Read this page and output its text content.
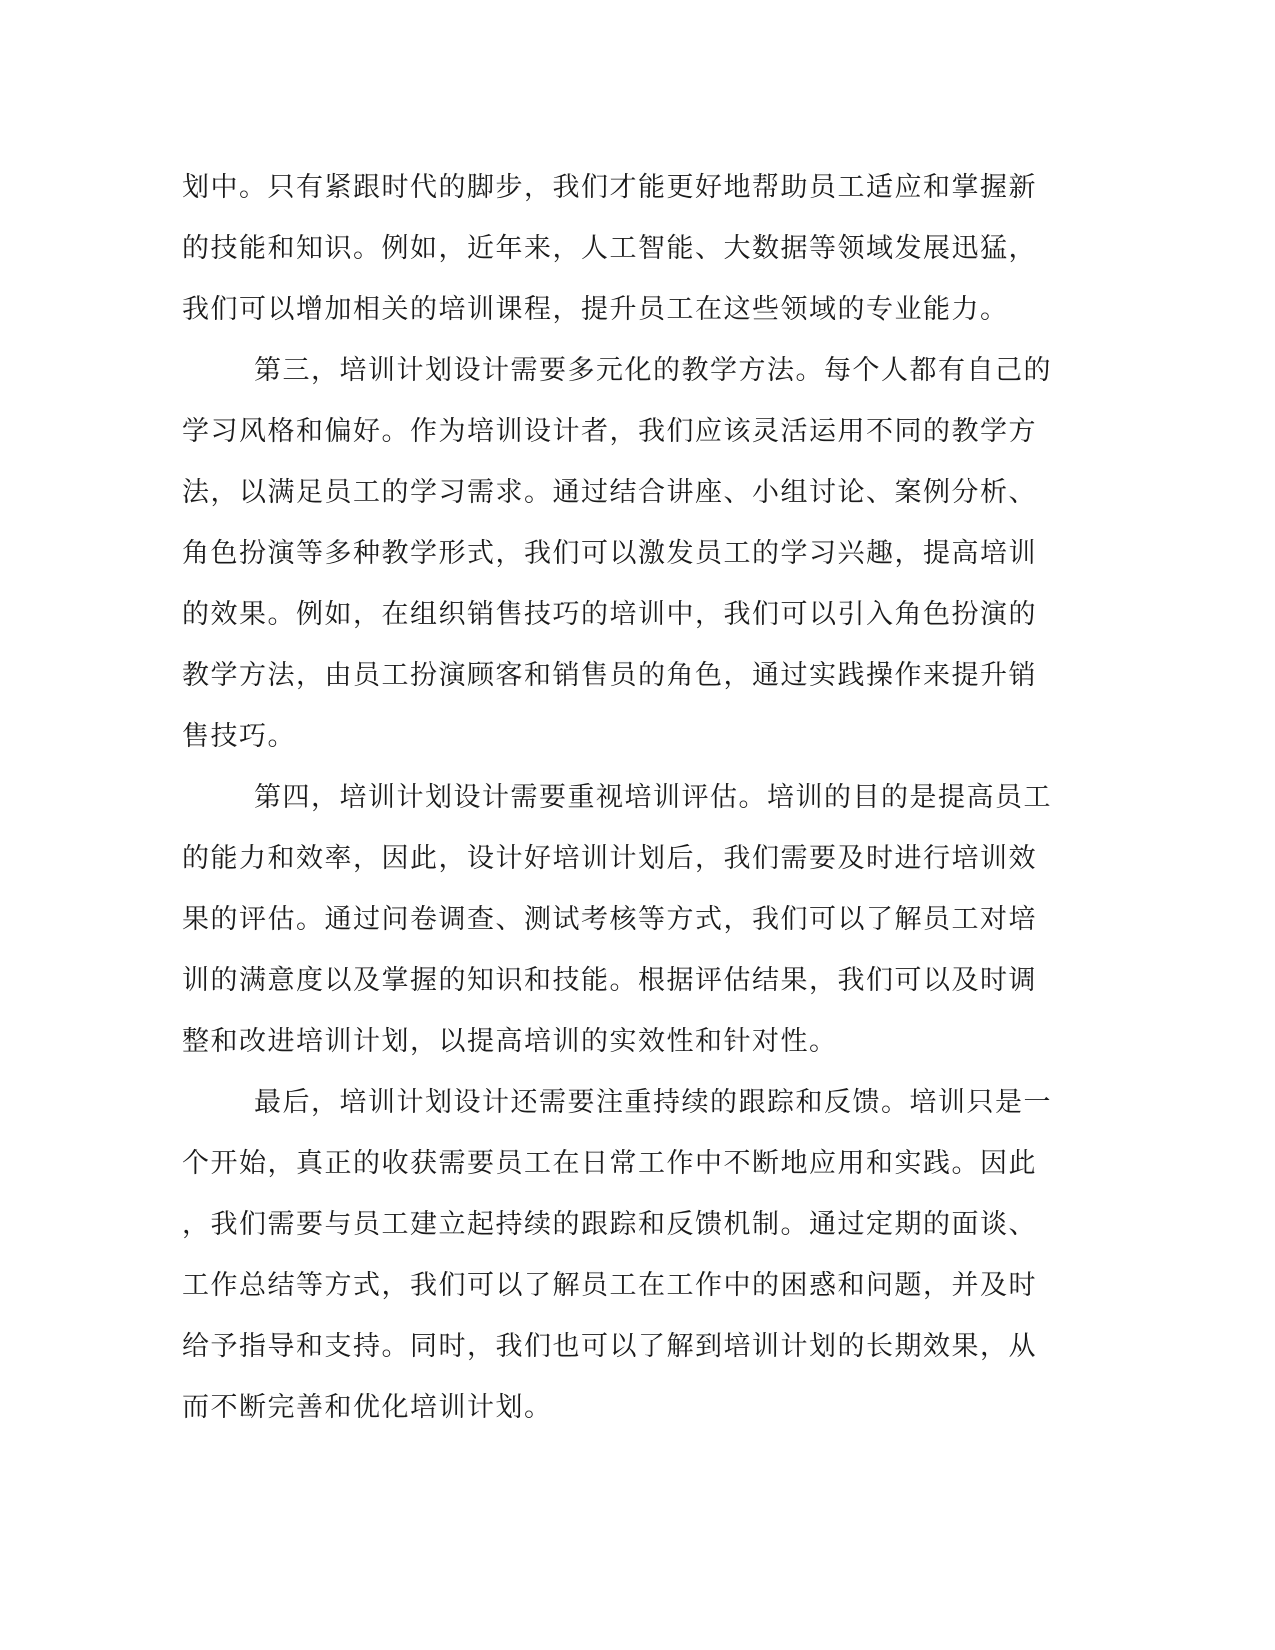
划中。只有紧跟时代的脚步，我们才能更好地帮助员工适应和掌握新
的技能和知识。例如，近年来，人工智能、大数据等领域发展迅猛，
我们可以增加相关的培训课程，提升员工在这些领域的专业能力。

第三，培训计划设计需要多元化的教学方法。每个人都有自己的
学习风格和偏好。作为培训设计者，我们应该灵活运用不同的教学方
法，以满足员工的学习需求。通过结合讲座、小组讨论、案例分析、
角色扮演等多种教学形式，我们可以激发员工的学习兴趣，提高培训
的效果。例如，在组织销售技巧的培训中，我们可以引入角色扮演的
教学方法，由员工扮演顾客和销售员的角色，通过实践操作来提升销
售技巧。

第四，培训计划设计需要重视培训评估。培训的目的是提高员工
的能力和效率，因此，设计好培训计划后，我们需要及时进行培训效
果的评估。通过问卷调查、测试考核等方式，我们可以了解员工对培
训的满意度以及掌握的知识和技能。根据评估结果，我们可以及时调
整和改进培训计划，以提高培训的实效性和针对性。

最后，培训计划设计还需要注重持续的跟踪和反馈。培训只是一
个开始，真正的收获需要员工在日常工作中不断地应用和实践。因此
，我们需要与员工建立起持续的跟踪和反馈机制。通过定期的面谈、
工作总结等方式，我们可以了解员工在工作中的困惑和问题，并及时
给予指导和支持。同时，我们也可以了解到培训计划的长期效果，从
而不断完善和优化培训计划。
